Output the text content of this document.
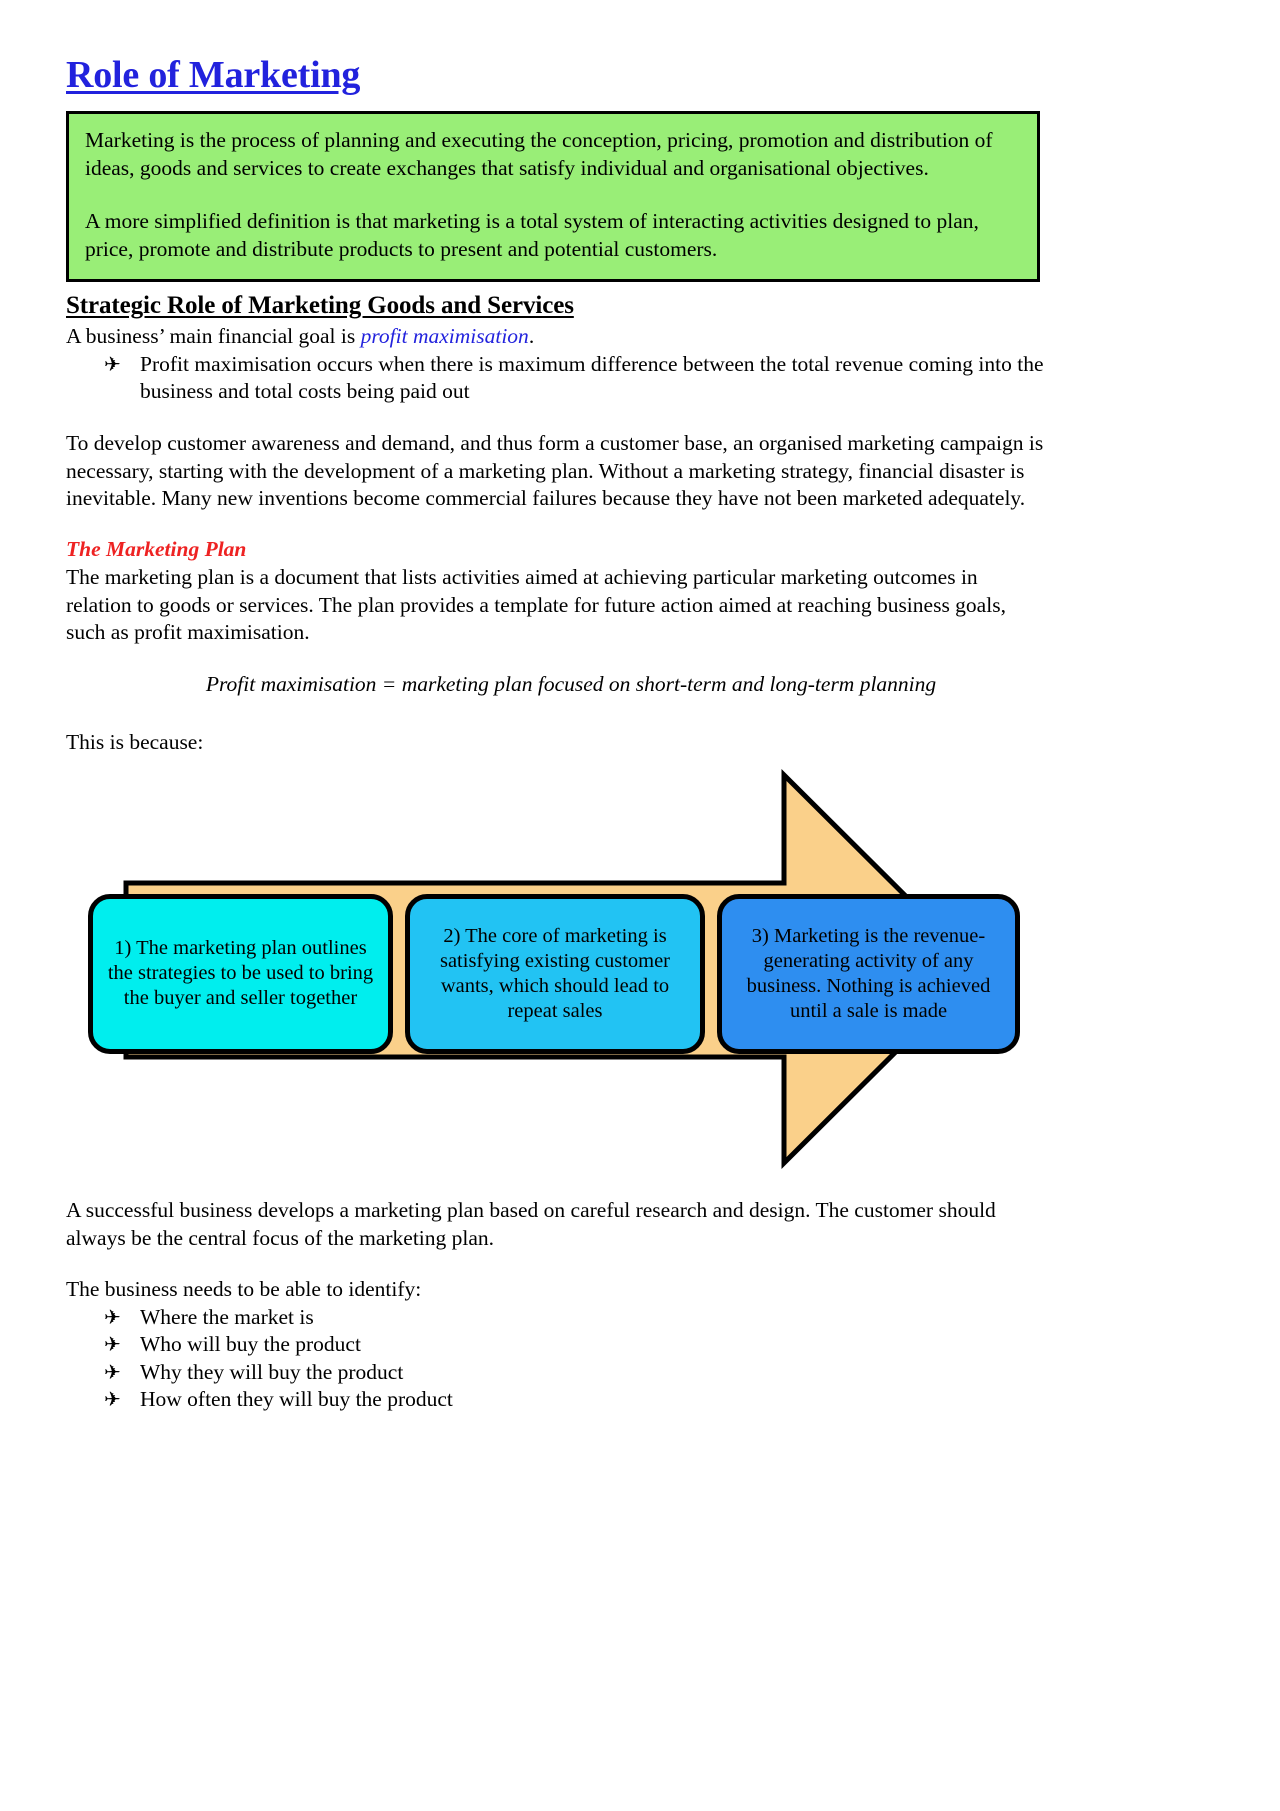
Role of Marketing

Marketing is the process of planning and executing the conception, pricing, promotion and distribution of ideas, goods and services to create exchanges that satisfy individual and organisational objectives.

A more simplified definition is that marketing is a total system of interacting activities designed to plan, price, promote and distribute products to present and potential customers.

Strategic Role of Marketing Goods and Services

A business’ main financial goal is profit maximisation.

✈ Profit maximisation occurs when there is maximum difference between the total revenue coming into the business and total costs being paid out

To develop customer awareness and demand, and thus form a customer base, an organised marketing campaign is necessary, starting with the development of a marketing plan. Without a marketing strategy, financial disaster is inevitable. Many new inventions become commercial failures because they have not been marketed adequately.

The Marketing Plan

The marketing plan is a document that lists activities aimed at achieving particular marketing outcomes in relation to goods or services. The plan provides a template for future action aimed at reaching business goals, such as profit maximisation.

Profit maximisation = marketing plan focused on short-term and long-term planning

This is because:

1) The marketing plan outlines the strategies to be used to bring the buyer and seller together
2) The core of marketing is satisfying existing customer wants, which should lead to repeat sales
3) Marketing is the revenue-generating activity of any business. Nothing is achieved until a sale is made

A successful business develops a marketing plan based on careful research and design. The customer should always be the central focus of the marketing plan.

The business needs to be able to identify:

✈ Where the market is
✈ Who will buy the product
✈ Why they will buy the product
✈ How often they will buy the product
